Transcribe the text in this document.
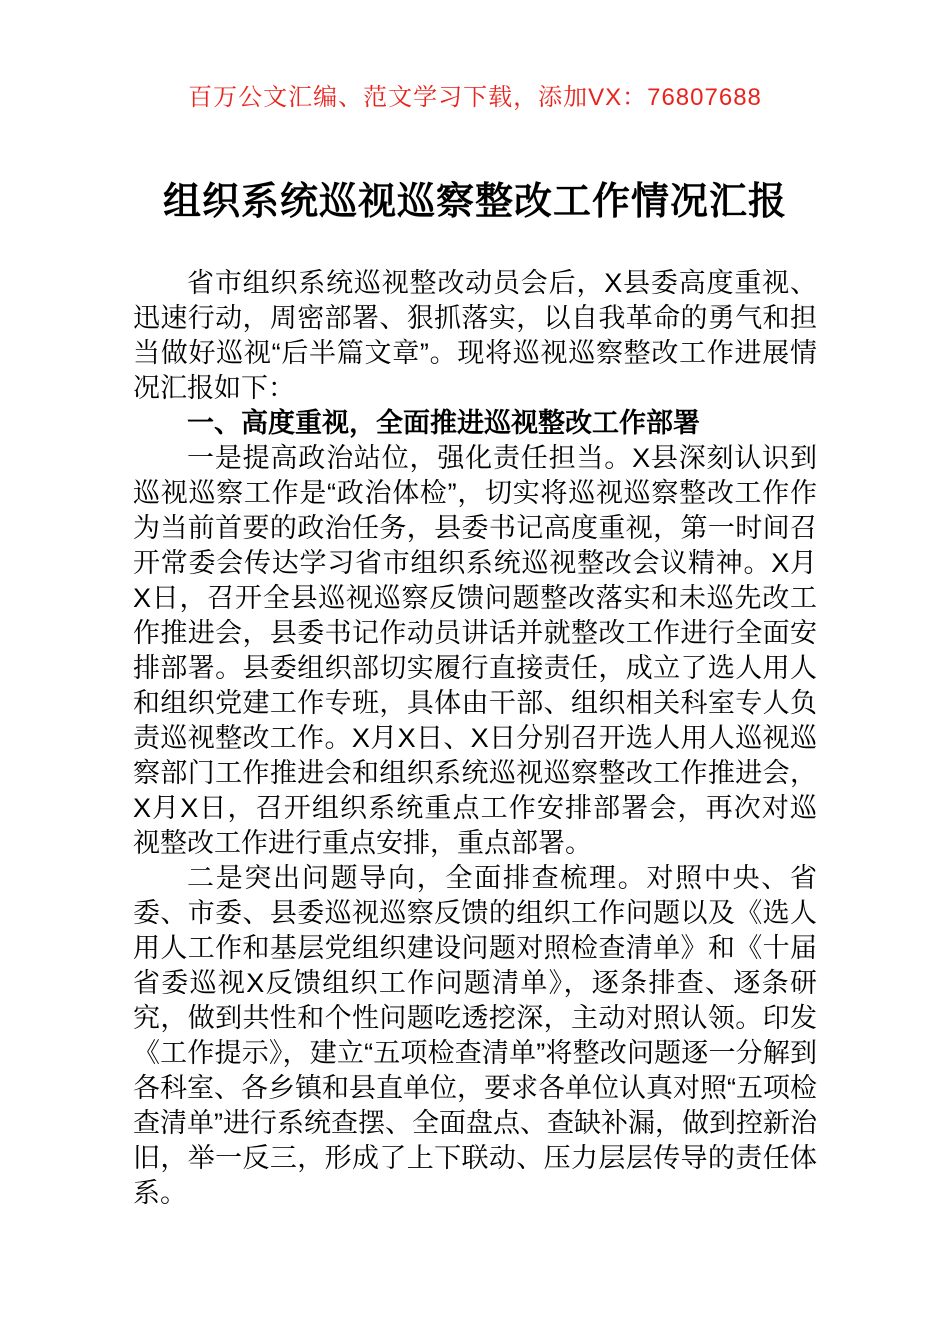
百万公文汇编、范文学习下载，添加VX：76807688
组织系统巡视巡察整改工作情况汇报

省市组织系统巡视整改动员会后，X县委高度重视、迅速行动，周密部署、狠抓落实，以自我革命的勇气和担当做好巡视“后半篇文章”。现将巡视巡察整改工作进展情况汇报如下：

一、高度重视，全面推进巡视整改工作部署

一是提高政治站位，强化责任担当。X县深刻认识到巡视巡察工作是“政治体检”，切实将巡视巡察整改工作作为当前首要的政治任务，县委书记高度重视，第一时间召开常委会传达学习省市组织系统巡视整改会议精神。X月X日，召开全县巡视巡察反馈问题整改落实和未巡先改工作推进会，县委书记作动员讲话并就整改工作进行全面安排部署。县委组织部切实履行直接责任，成立了选人用人和组织党建工作专班，具体由干部、组织相关科室专人负责巡视整改工作。X月X日、X日分别召开选人用人巡视巡察部门工作推进会和组织系统巡视巡察整改工作推进会，X月X日，召开组织系统重点工作安排部署会，再次对巡视整改工作进行重点安排，重点部署。

二是突出问题导向，全面排查梳理。对照中央、省委、市委、县委巡视巡察反馈的组织工作问题以及《选人用人工作和基层党组织建设问题对照检查清单》和《十届省委巡视X反馈组织工作问题清单》，逐条排查、逐条研究，做到共性和个性问题吃透挖深，主动对照认领。印发《工作提示》，建立“五项检查清单”将整改问题逐一分解到各科室、各乡镇和县直单位，要求各单位认真对照“五项检查清单”进行系统查摆、全面盘点、查缺补漏，做到控新治旧，举一反三，形成了上下联动、压力层层传导的责任体系。
